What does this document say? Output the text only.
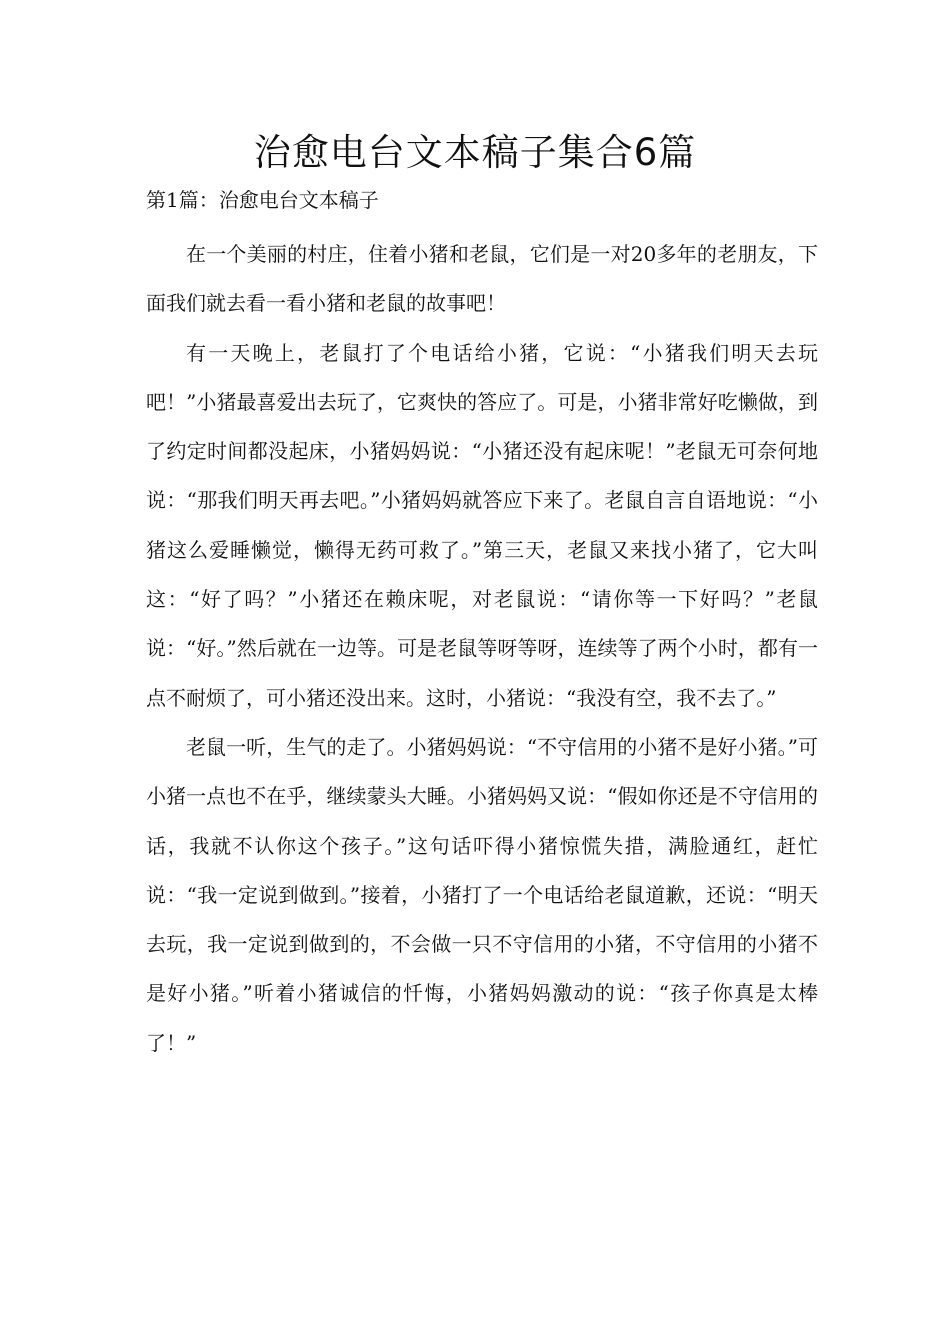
治愈电台文本稿子集合6篇
第1篇：治愈电台文本稿子

在一个美丽的村庄，住着小猪和老鼠，它们是一对20多年的老朋友，下面我们就去看一看小猪和老鼠的故事吧！

有一天晚上，老鼠打了个电话给小猪，它说：“小猪我们明天去玩吧！”小猪最喜爱出去玩了，它爽快的答应了。可是，小猪非常好吃懒做，到了约定时间都没起床，小猪妈妈说：“小猪还没有起床呢！”老鼠无可奈何地说：“那我们明天再去吧。”小猪妈妈就答应下来了。老鼠自言自语地说：“小猪这么爱睡懒觉，懒得无药可救了。”第三天，老鼠又来找小猪了，它大叫这：“好了吗？”小猪还在赖床呢，对老鼠说：“请你等一下好吗？”老鼠说：“好。”然后就在一边等。可是老鼠等呀等呀，连续等了两个小时，都有一点不耐烦了，可小猪还没出来。这时，小猪说：“我没有空，我不去了。”

老鼠一听，生气的走了。小猪妈妈说：“不守信用的小猪不是好小猪。”可小猪一点也不在乎，继续蒙头大睡。小猪妈妈又说：“假如你还是不守信用的话，我就不认你这个孩子。”这句话吓得小猪惊慌失措，满脸通红，赶忙说：“我一定说到做到。”接着，小猪打了一个电话给老鼠道歉，还说：“明天去玩，我一定说到做到的，不会做一只不守信用的小猪，不守信用的小猪不是好小猪。”听着小猪诚信的忏悔，小猪妈妈激动的说：“孩子你真是太棒了！”
